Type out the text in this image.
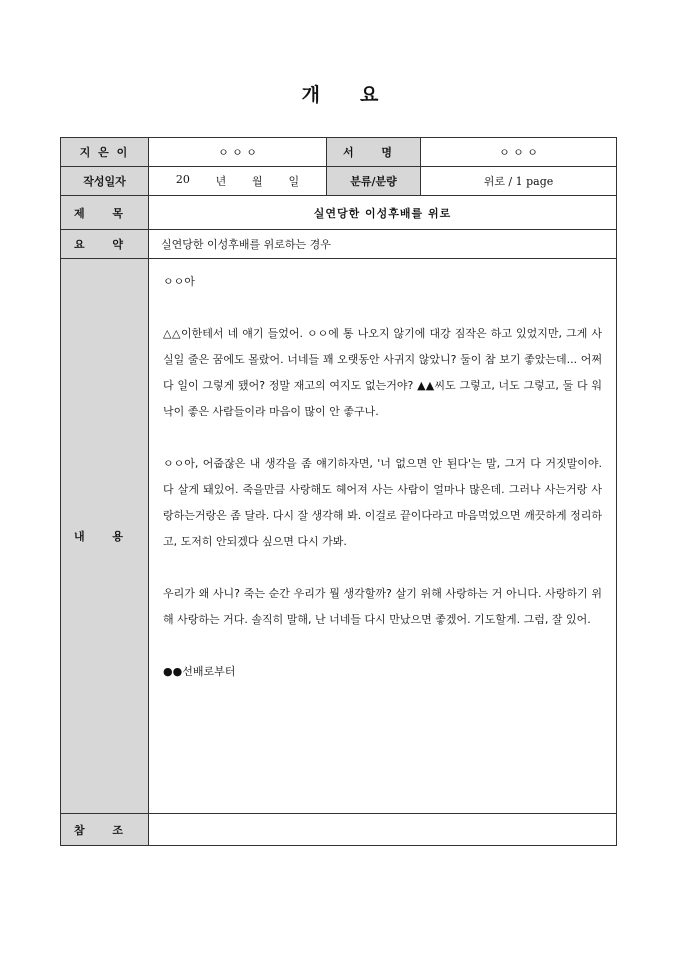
개 요
지 은 이	ㅇ ㅇ ㅇ	서 명	ㅇ ㅇ ㅇ
작성일자	20 년 월 일	분류/분량	위로 / 1 page
제 목	실연당한 이성후배를 위로		
요 약	실연당한 이성후배를 위로하는 경우		
내 용	ㅇㅇ아

△△이한테서 네 얘기 들었어. ㅇㅇ에 통 나오지 않기에 대강 짐작은 하고 있었지만, 그게 사실일 줄은 꿈에도 몰랐어. 너네들 꽤 오랫동안 사귀지 않았니? 둘이 참 보기 좋았는데... 어쩌다 일이 그렇게 됐어? 정말 재고의 여지도 없는거야? ▲▲씨도 그렇고, 너도 그렇고, 둘 다 워낙이 좋은 사람들이라 마음이 많이 안 좋구나.

ㅇㅇ아, 어줍잖은 내 생각을 좀 얘기하자면, '너 없으면 안 된다'는 말, 그거 다 거짓말이야. 다 살게 돼있어. 죽을만큼 사랑해도 헤어져 사는 사람이 얼마나 많은데. 그러나 사는거랑 사랑하는거랑은 좀 달라. 다시 잘 생각해 봐. 이걸로 끝이다라고 마음먹었으면 깨끗하게 정리하고, 도저히 안되겠다 싶으면 다시 가봐.

우리가 왜 사니? 죽는 순간 우리가 뭘 생각할까? 살기 위해 사랑하는 거 아니다. 사랑하기 위해 사랑하는 거다. 솔직히 말해, 난 너네들 다시 만났으면 좋겠어. 기도할게. 그럼, 잘 있어.

●●선배로부터		

참 조			
